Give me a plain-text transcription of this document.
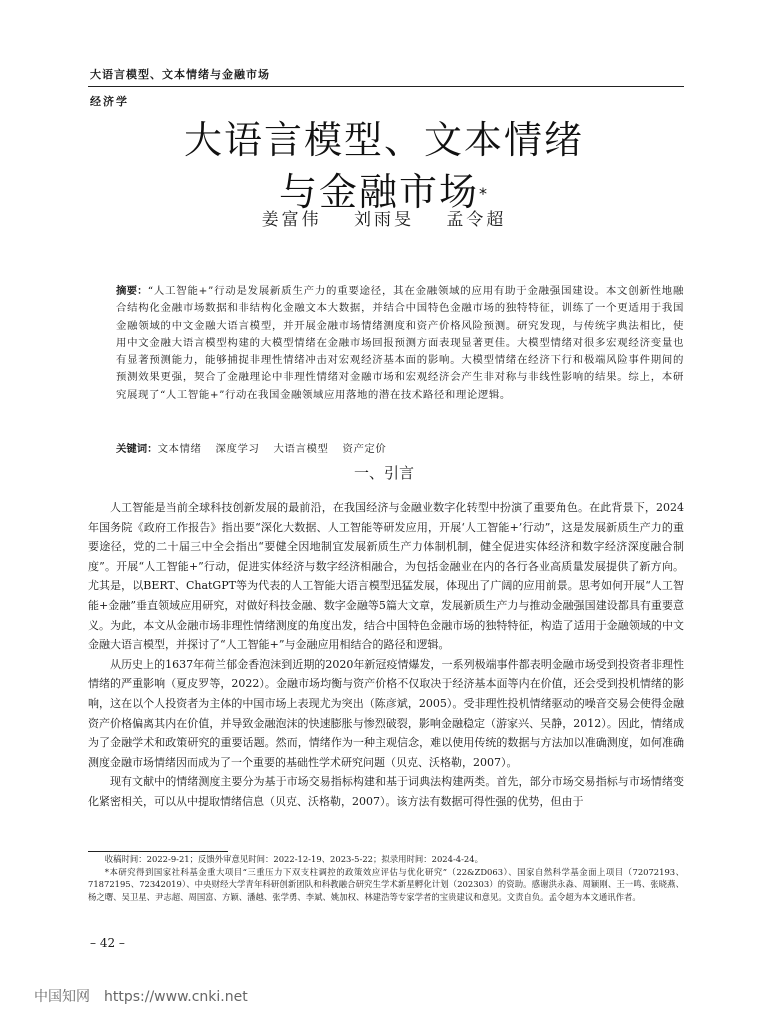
大语言模型、文本情绪与金融市场
经济学
大语言模型、文本情绪
与金融市场*
姜富伟 刘雨旻 孟令超
摘要：“人工智能+”行动是发展新质生产力的重要途径，其在金融领域的应用有助于金融强国建设。本文创新性地融合结构化金融市场数据和非结构化金融文本大数据，并结合中国特色金融市场的独特特征，训练了一个更适用于我国金融领域的中文金融大语言模型，并开展金融市场情绪测度和资产价格风险预测。研究发现，与传统字典法相比，使用中文金融大语言模型构建的大模型情绪在金融市场回报预测方面表现显著更佳。大模型情绪对很多宏观经济变量也有显著预测能力，能够捕捉非理性情绪冲击对宏观经济基本面的影响。大模型情绪在经济下行和极端风险事件期间的预测效果更强，契合了金融理论中非理性情绪对金融市场和宏观经济会产生非对称与非线性影响的结果。综上，本研究展现了“人工智能+”行动在我国金融领域应用落地的潜在技术路径和理论逻辑。
关键词：文本情绪 深度学习 大语言模型 资产定价
一、引言

人工智能是当前全球科技创新发展的最前沿，在我国经济与金融业数字化转型中扮演了重要角色。在此背景下，2024年国务院《政府工作报告》指出要“深化大数据、人工智能等研发应用，开展‘人工智能+’行动”，这是发展新质生产力的重要途径，党的二十届三中全会指出“要健全因地制宜发展新质生产力体制机制，健全促进实体经济和数字经济深度融合制度”。开展“人工智能+”行动，促进实体经济与数字经济相融合，为包括金融业在内的各行各业高质量发展提供了新方向。尤其是，以BERT、ChatGPT等为代表的人工智能大语言模型迅猛发展，体现出了广阔的应用前景。思考如何开展“人工智能+金融”垂直领域应用研究，对做好科技金融、数字金融等5篇大文章，发展新质生产力与推动金融强国建设都具有重要意义。为此，本文从金融市场非理性情绪测度的角度出发，结合中国特色金融市场的独特特征，构造了适用于金融领域的中文金融大语言模型，并探讨了“人工智能+”与金融应用相结合的路径和逻辑。

从历史上的1637年荷兰郁金香泡沫到近期的2020年新冠疫情爆发，一系列极端事件都表明金融市场受到投资者非理性情绪的严重影响（夏皮罗等，2022）。金融市场均衡与资产价格不仅取决于经济基本面等内在价值，还会受到投机情绪的影响，这在以个人投资者为主体的中国市场上表现尤为突出（陈彦斌，2005）。受非理性投机情绪驱动的噪音交易会使得金融资产价格偏离其内在价值，并导致金融泡沫的快速膨胀与惨烈破裂，影响金融稳定（游家兴、吴静，2012）。因此，情绪成为了金融学术和政策研究的重要话题。然而，情绪作为一种主观信念，难以使用传统的数据与方法加以准确测度，如何准确测度金融市场情绪因而成为了一个重要的基础性学术研究问题（贝克、沃格勒，2007）。

现有文献中的情绪测度主要分为基于市场交易指标构建和基于词典法构建两类。首先，部分市场交易指标与市场情绪变化紧密相关，可以从中提取情绪信息（贝克、沃格勒，2007）。该方法有数据可得性强的优势，但由于

收稿时间：2022-9-21；反馈外审意见时间：2022-12-19、2023-5-22；拟录用时间：2024-4-24。

*本研究得到国家社科基金重大项目“三重压力下双支柱调控的政策效应评估与优化研究”（22&ZD063）、国家自然科学基金面上项目（72072193、71872195、72342019）、中央财经大学青年科研创新团队和科教融合研究生学术新星孵化计划（202303）的资助。感谢洪永淼、周颖刚、王一鸣、张晓燕、杨之曙、吴卫星、尹志超、周国富、方颖、潘越、张学勇、李斌、姚加权、林建浩等专家学者的宝贵建议和意见。文责自负。孟令超为本文通讯作者。

– 42 –
中国知网 https://www.cnki.net
